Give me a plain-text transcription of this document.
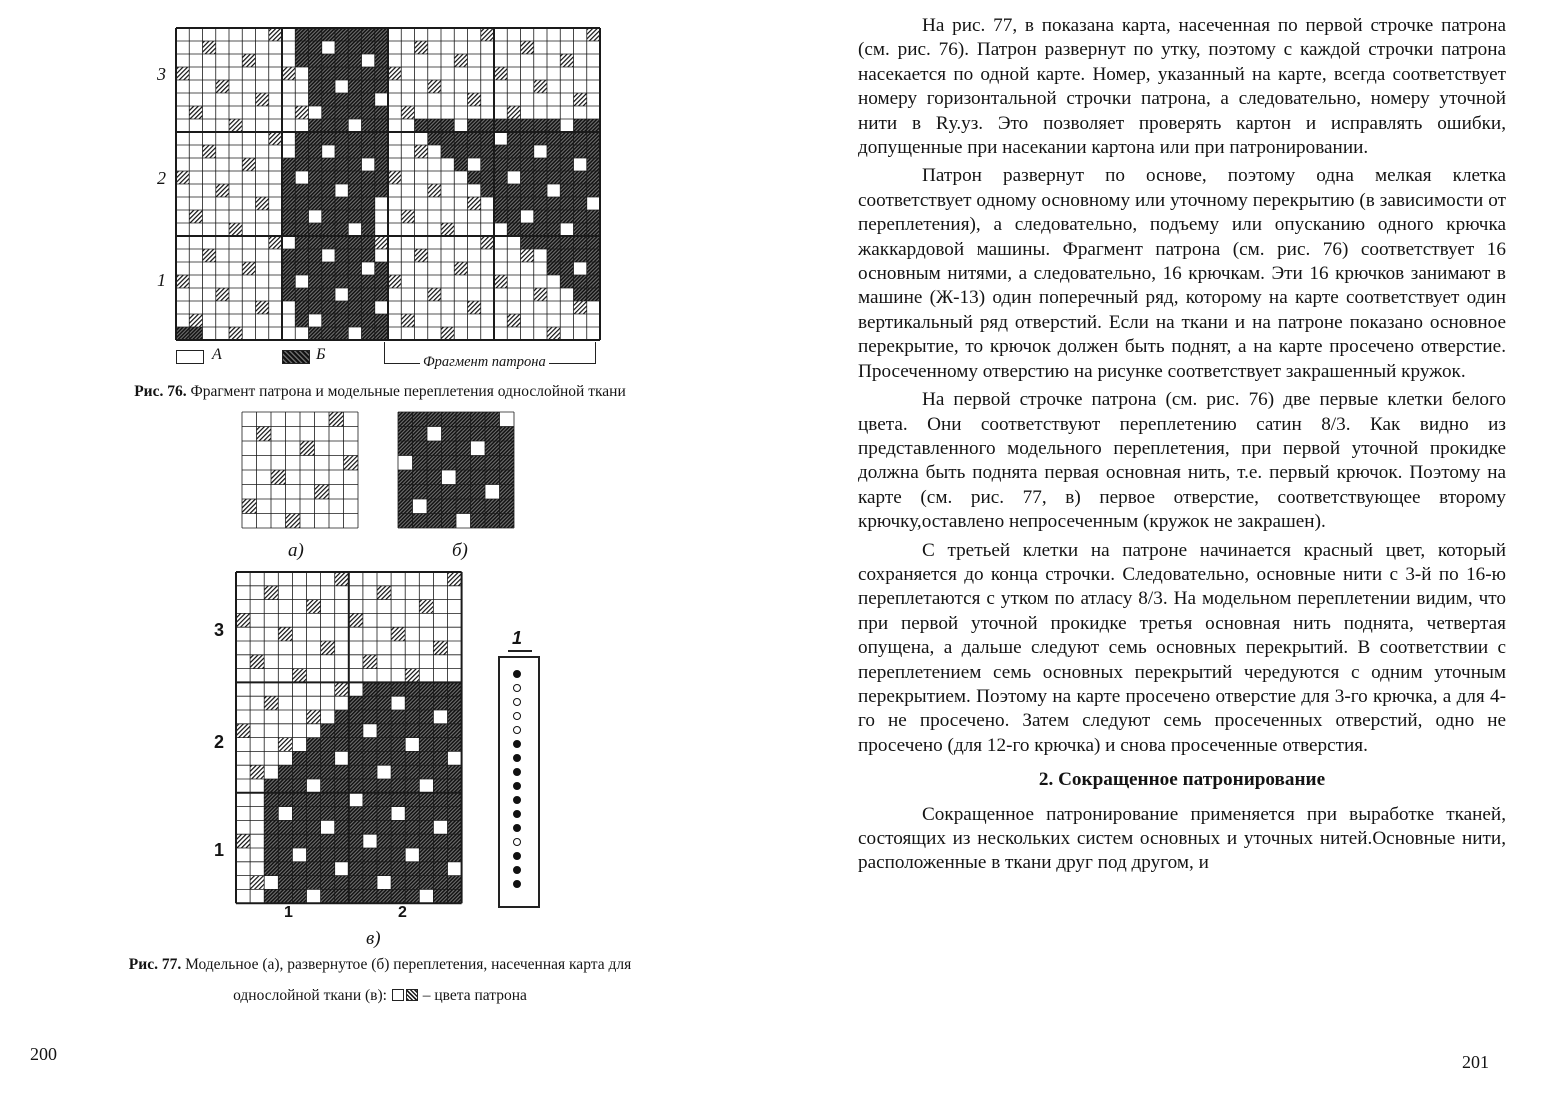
3
2
1
А	Б	Фрагмент патрона
Рис. 76. Фрагмент патрона и модельные переплетения однослойной ткани
а)	б)
3
2
1
1	2
1
в)
Рис. 77. Модельное (а), развернутое (б) переплетения, насеченная карта для
однослойной ткани (в): – цвета патрона
200

На рис. 77, в показана карта, насеченная по первой строчке патрона (см. рис. 76). Патрон развернут по утку, поэтому с каждой строчки патрона насекается по одной карте. Номер, указанный на карте, всегда соответствует номеру горизонтальной строчки патрона, а следовательно, номеру уточной нити в Rу.уз. Это позволяет проверять картон и исправлять ошибки, допущенные при насекании картона или при патронировании.

Патрон развернут по основе, поэтому одна мелкая клетка соответствует одному основному или уточному перекрытию (в зависимости от переплетения), а следовательно, подъему или опусканию одного крючка жаккардовой машины. Фрагмент патрона (см. рис. 76) соответствует 16 основным нитями, а следовательно, 16 крючкам. Эти 16 крючков занимают в машине (Ж-13) один поперечный ряд, которому на карте соответствует один вертикальный ряд отверстий. Если на ткани и на патроне показано основное перекрытие, то крючок должен быть поднят, а на карте просечено отверстие. Просеченному отверстию на рисунке соответствует закрашенный кружок.

На первой строчке патрона (см. рис. 76) две первые клетки белого цвета. Они соответствуют переплетению сатин 8/3. Как видно из представленного модельного переплетения, при первой уточной прокидке должна быть поднята первая основная нить, т.е. первый крючок. Поэтому на карте (см. рис. 77, в) первое отверстие, соответствующее второму крючку,оставлено непросеченным (кружок не закрашен).

С третьей клетки на патроне начинается красный цвет, который сохраняется до конца строчки. Следовательно, основные нити с 3-й по 16-ю переплетаются с утком по атласу 8/3. На модельном переплетении видим, что при первой уточной прокидке третья основная нить поднята, четвертая опущена, а дальше следуют семь основных перекрытий. В соответствии с переплетением семь основных перекрытий чередуются с одним уточным перекрытием. Поэтому на карте просечено отверстие для 3-го крючка, а для 4-го не просечено. Затем следуют семь просеченных отверстий, одно не просечено (для 12-го крючка) и снова просеченные отверстия.

2. Сокращенное патронирование

Сокращенное патронирование применяется при выработке тканей, состоящих из нескольких систем основных и уточных нитей.Основные нити, расположенные в ткани друг под другом, и

201
